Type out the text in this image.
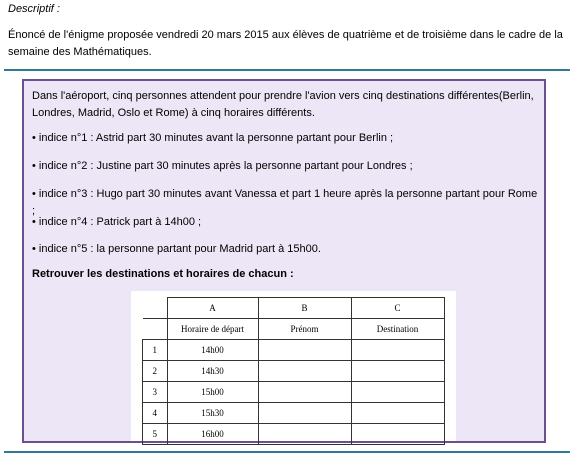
Descriptif :
Énoncé de l'énigme proposée vendredi 20 mars 2015 aux élèves de quatrième et de troisième dans le cadre de la semaine des Mathématiques.
Dans l'aéroport, cinq personnes attendent pour prendre l'avion vers cinq destinations différentes(Berlin, Londres, Madrid, Oslo et Rome) à cinq horaires différents.
• indice n°1 : Astrid part 30 minutes avant la personne partant pour Berlin ;
• indice n°2 : Justine part 30 minutes après la personne partant pour Londres ;
• indice n°3 : Hugo part 30 minutes avant Vanessa et part 1 heure après la personne partant pour Rome ;
• indice n°4 : Patrick part à 14h00 ;
• indice n°5 : la personne partant pour Madrid part à 15h00.
Retrouver les destinations et horaires de chacun :
	A	B	C
	Horaire de départ	Prénom	Destination
1	14h00		
2	14h30		
3	15h00		
4	15h30		
5	16h00		
